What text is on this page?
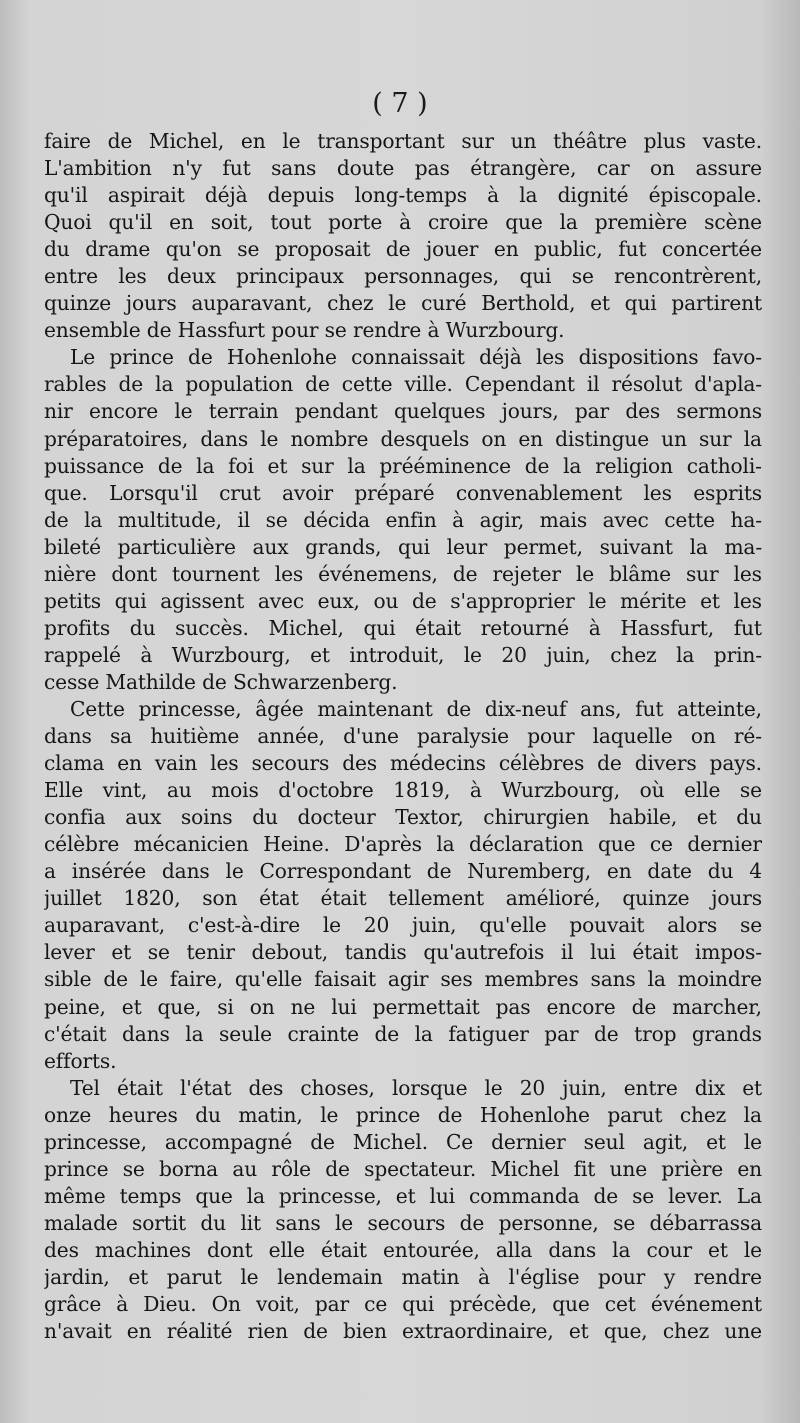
( 7 )
faire de Michel, en le transportant sur un théâtre plus vaste.
L'ambition n'y fut sans doute pas étrangère, car on assure
qu'il aspirait déjà depuis long-temps à la dignité épiscopale.
Quoi qu'il en soit, tout porte à croire que la première scène
du drame qu'on se proposait de jouer en public, fut concertée
entre les deux principaux personnages, qui se rencontrèrent,
quinze jours auparavant, chez le curé Berthold, et qui partirent
ensemble de Hassfurt pour se rendre à Wurzbourg.
Le prince de Hohenlohe connaissait déjà les dispositions favo-
rables de la population de cette ville. Cependant il résolut d'apla-
nir encore le terrain pendant quelques jours, par des sermons
préparatoires, dans le nombre desquels on en distingue un sur la
puissance de la foi et sur la prééminence de la religion catholi-
que. Lorsqu'il crut avoir préparé convenablement les esprits
de la multitude, il se décida enfin à agir, mais avec cette ha-
bileté particulière aux grands, qui leur permet, suivant la ma-
nière dont tournent les événemens, de rejeter le blâme sur les
petits qui agissent avec eux, ou de s'approprier le mérite et les
profits du succès. Michel, qui était retourné à Hassfurt, fut
rappelé à Wurzbourg, et introduit, le 20 juin, chez la prin-
cesse Mathilde de Schwarzenberg.
Cette princesse, âgée maintenant de dix-neuf ans, fut atteinte,
dans sa huitième année, d'une paralysie pour laquelle on ré-
clama en vain les secours des médecins célèbres de divers pays.
Elle vint, au mois d'octobre 1819, à Wurzbourg, où elle se
confia aux soins du docteur Textor, chirurgien habile, et du
célèbre mécanicien Heine. D'après la déclaration que ce dernier
a insérée dans le Correspondant de Nuremberg, en date du 4
juillet 1820, son état était tellement amélioré, quinze jours
auparavant, c'est-à-dire le 20 juin, qu'elle pouvait alors se
lever et se tenir debout, tandis qu'autrefois il lui était impos-
sible de le faire, qu'elle faisait agir ses membres sans la moindre
peine, et que, si on ne lui permettait pas encore de marcher,
c'était dans la seule crainte de la fatiguer par de trop grands
efforts.
Tel était l'état des choses, lorsque le 20 juin, entre dix et
onze heures du matin, le prince de Hohenlohe parut chez la
princesse, accompagné de Michel. Ce dernier seul agit, et le
prince se borna au rôle de spectateur. Michel fit une prière en
même temps que la princesse, et lui commanda de se lever. La
malade sortit du lit sans le secours de personne, se débarrassa
des machines dont elle était entourée, alla dans la cour et le
jardin, et parut le lendemain matin à l'église pour y rendre
grâce à Dieu. On voit, par ce qui précède, que cet événement
n'avait en réalité rien de bien extraordinaire, et que, chez une
